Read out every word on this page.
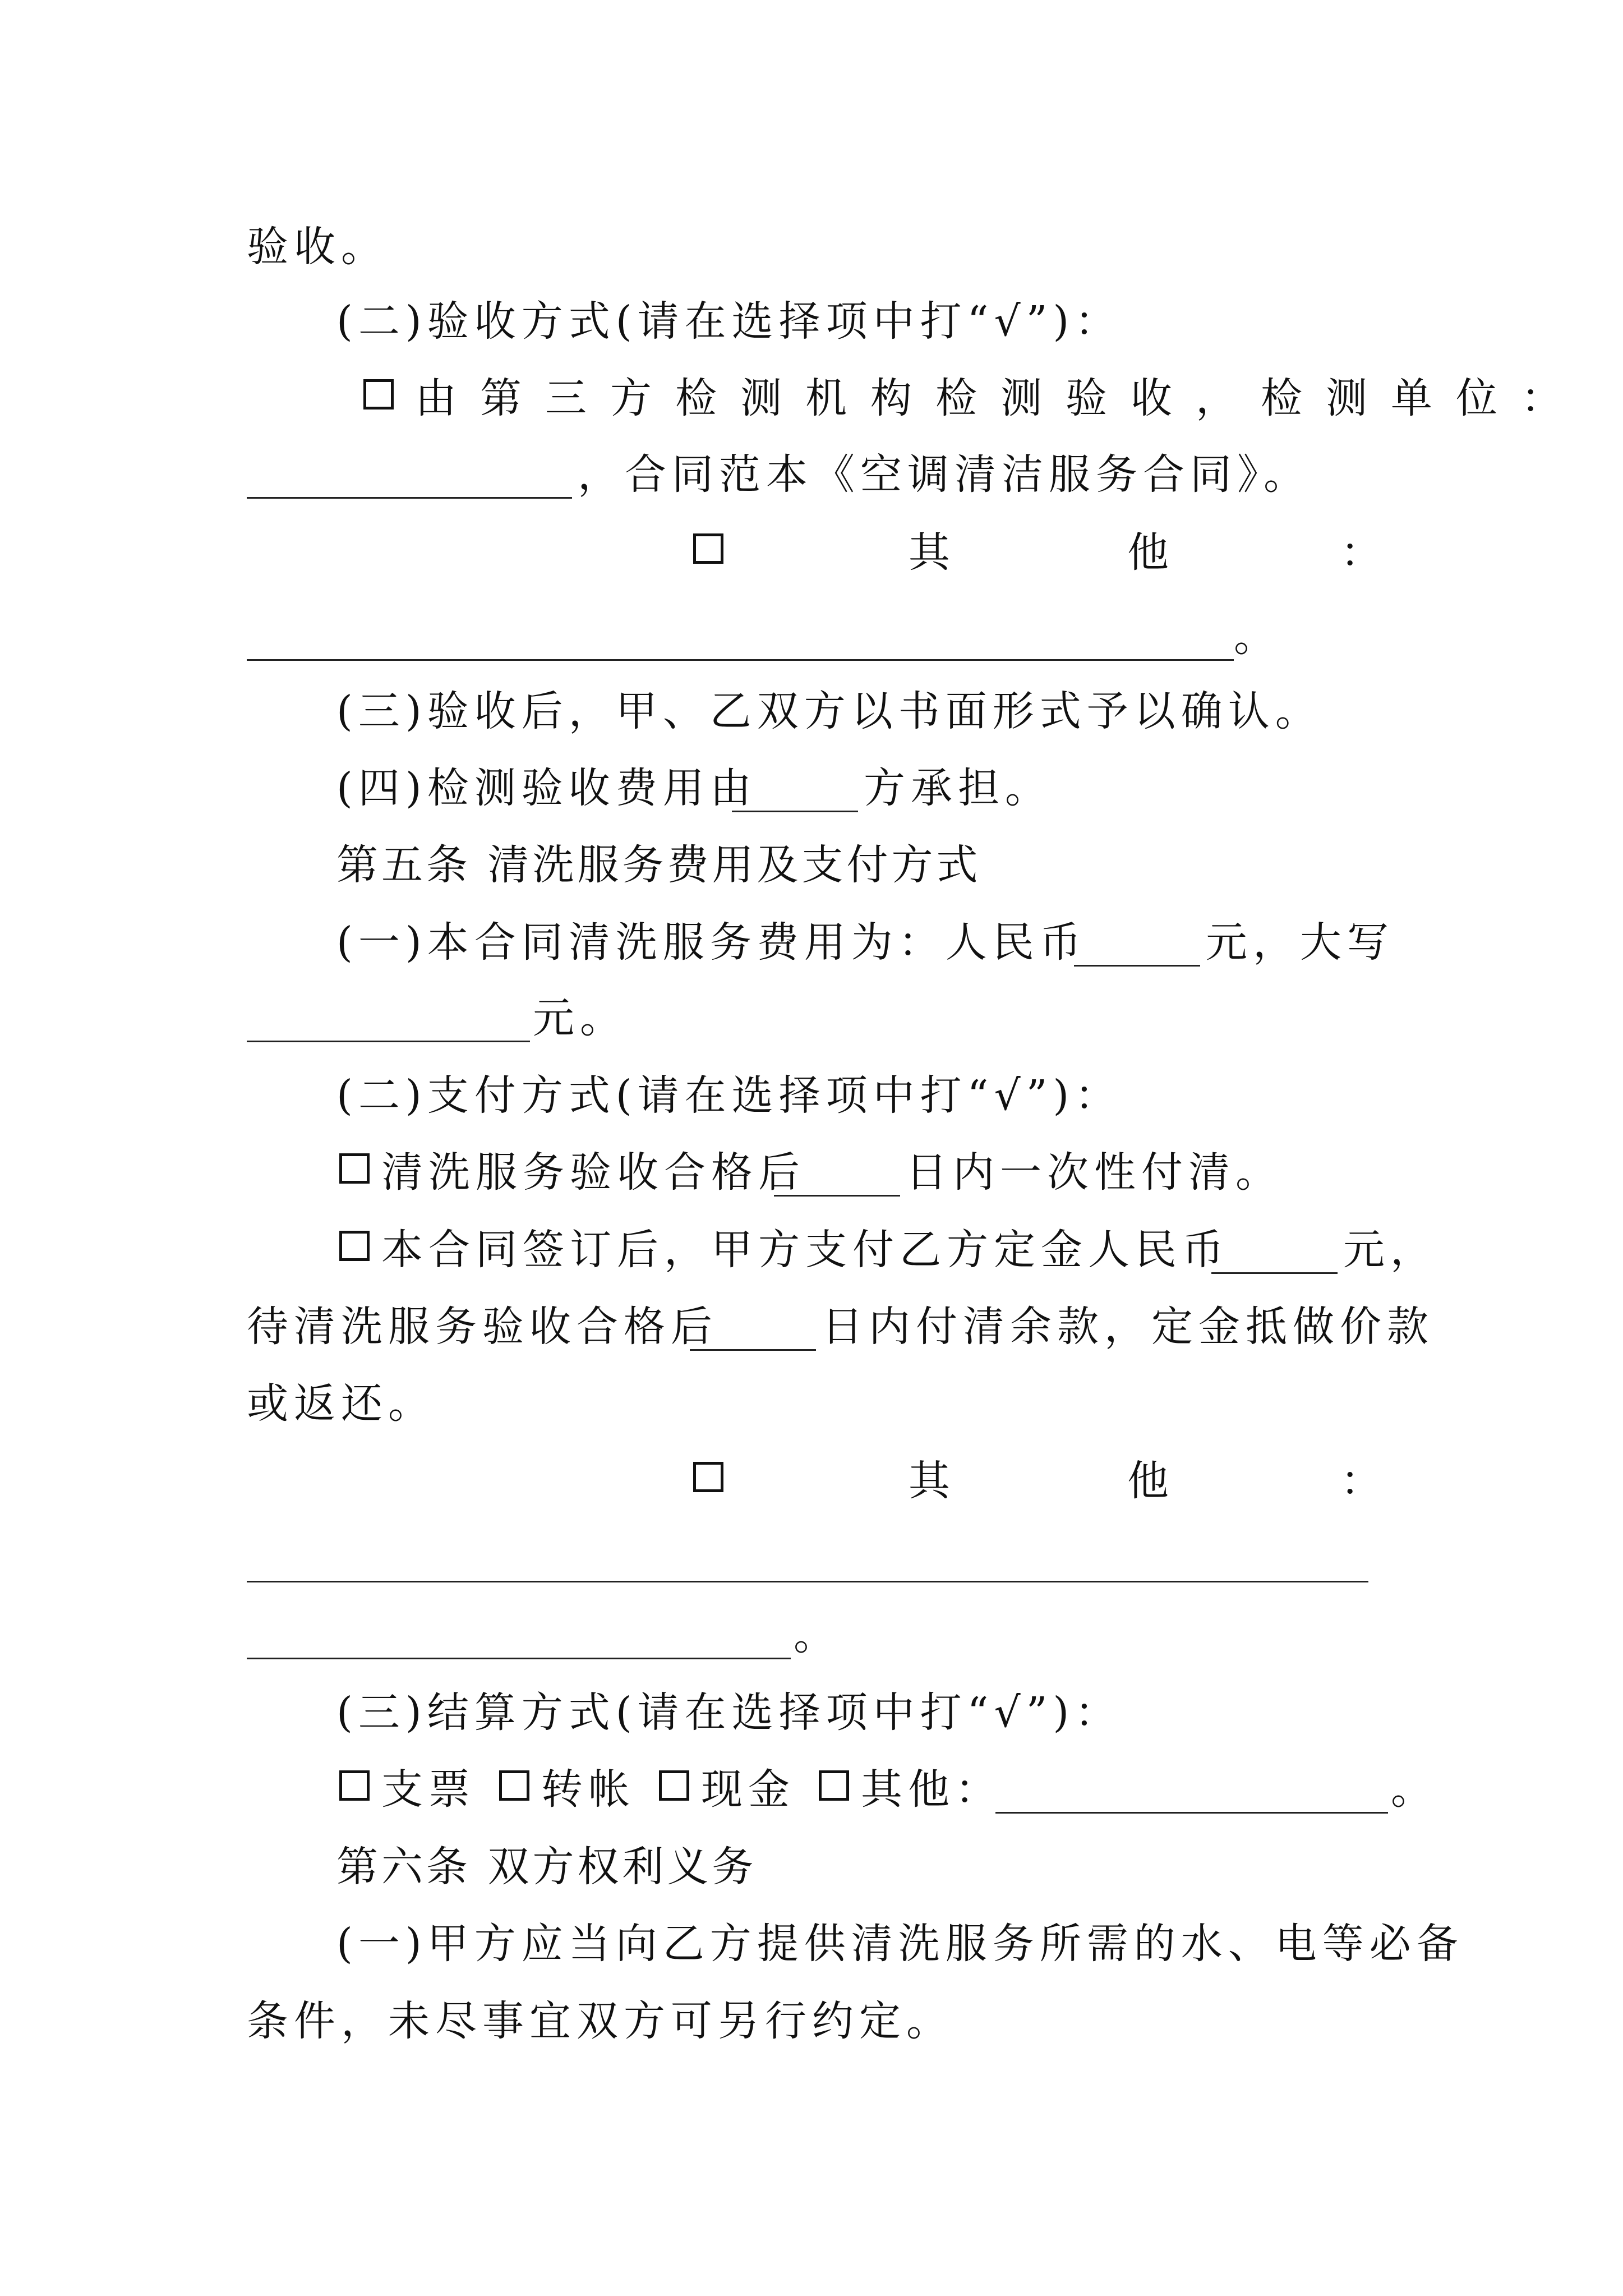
验收。
(二)验收方式(请在选择项中打“√”)：
由第三方检测机构检测验收，检测单位：
，合同范本《空调清洁服务合同》。
其	他	：
。
(三)验收后，甲、乙双方以书面形式予以确认。
(四)检测验收费用由	方承担。
第五条 清洗服务费用及支付方式
(一)本合同清洗服务费用为：人民币	元，大写
元。
(二)支付方式(请在选择项中打“√”)：
清洗服务验收合格后 日内一次性付清。
本合同签订后，甲方支付乙方定金人民币	元，
待清洗服务验收合格后	日内付清余款，定金抵做价款
或返还。
其	他	：
。
(三)结算方式(请在选择项中打“√”)：
支票 转帐 现金 其他：	。
第六条 双方权利义务
(一)甲方应当向乙方提供清洗服务所需的水、电等必备
条件，未尽事宜双方可另行约定。
